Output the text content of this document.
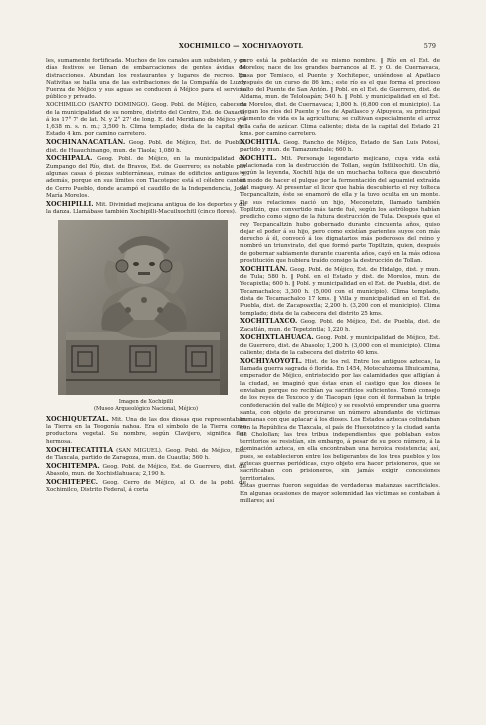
XOCHIMILCO — XOCHIYAOYOTL	579

les, sumamente fortificada. Muchos de los canales aun subsisten, y en días festivos se llenan de embarcaciones de gentes ávidas de distracciones. Abundan los restaurantes y lugares de recreo. En Nativitas se halla una de las estribaciones de la Compañía de Luz y Fuerza de Méjico y sus aguas se conducen á Méjico para el servicio público y privado.

XOCHIMILCO (SANTO DOMINGO). Geog. Pobl. de Méjico, cabecera de la municipalidad de su nombre, distrito del Centro, Est. de Oaxaca, á los 17° 7' de lat. N. y 2° 27' de long. E. del Meridiano de Méjico y á 1,638 m. s. n. m.; 3,500 h. Clima templado; dista de la capital del Estado 4 km. por camino carretero.

XOCHINANACATLÁN. Geog. Pobl. de Méjico, Est. de Puebla, dist. de Huauchinango, mun. de Tlaola; 1,080 h.

XOCHIPALA. Geog. Pobl. de Méjico, en la municipalidad de Zumpango del Río, dist. de Bravos, Est. de Guerrero; es notable por algunas casas ó piezas subterráneas, ruinas de edificios antiguos y, además, porque en sus límites con Tlacotepec está el célebre cantón de Cerro Pueblo, donde acampó el caudillo de la Independencia, José María Morelos.

XOCHIPILLI. Mit. Divinidad mejicana antigua de los deportes y de la danza. Llamábase también Xochipilli-Macuilxochitl (cinco flores).

Imagen de Xochipilli
(Museo Arqueológico Nacional, Méjico)

XOCHIQUETZAL. Mit. Una de las dos diosas que representaban la Tierra en la Teogonía nahoa. Era el símbolo de la Tierra como productora vegetal. Su nombre, según Clavijero, significa flor hermosa.

XOCHITECATITLA (SAN MIGUEL). Geog. Pobl. de Méjico, Est. de Tlaxcala, partido de Zaragoza, mun. de Cuautla; 560 h.

XOCHITEMPA. Geog. Pobl. de Méjico, Est. de Guerrero, dist. de Abasolo, mun. de Xochistlahuaca; 2,190 h.

XOCHITEPEC. Geog. Cerro de Méjico, al O. de la pobl. de Xochimilco, Distrito Federal, á corta

pero está la población de su mismo nombre. ‖ Río en el Est. de Morelos; nace de los grandes barrancos al E. y O. de Cuernavaca, pasa por Temisco, el Puente y Xochitepec, uniéndose al Apatlaco después de un curso de 86 km.; este río es el que forma el precioso salto del Puente de San Antón. ‖ Pobl. en el Est. de Guerrero, dist. de Aldama, mun. de Teloloapán; 540 h. ‖ Pobl. y municipalidad en el Est. de Morelos, dist. de Cuernavaca; 1,800 h. (6,800 con el municipio). La riegan los ríos del Puente y los de Apatlasco y Alpuyeca, su principal elemento de vida es la agricultura; se cultivan especialmente el arroz y la caña de azúcar. Clima caliente; dista de la capital del Estado 21 kms. por camino carretero.

XOCHITIÁ. Geog. Rancho de Méjico, Estado de San Luis Potosí, partido y mun. de Tamazunchale; 660 h.

XOCHITL. Mit. Personaje legendario mejicano, cuya vida está relacionada con la destrucción de Tollan, según Ixtlilxochitl. Un día, según la leyenda, Xochitl hija de un muchacha tolteca que descubrió el modo de hacer el pulque por la fermentación del aguamiel extraída del maguey. Al presentar el licor que había descubierto el rey tolteca Tecpancaltzin, éste se enamoró de ella y la tuvo oculta en un monte. De sus relaciones nació un hijo, Meconetzin, llamado también Topiltzin, que convertido más tarde fué, según los astrólogos habían predicho como signo de la futura destrucción de Tula. Después que el rey Tecpancaltzin hubo gobernado durante cincuenta años, quiso dejar el poder á su hijo, pero como existían parientes suyos con más derecho á él, convocó á los dignatarios más poderosos del reino y nombró un triunvirato, del que formó parte Topiltzin, quien, después de gobernar sabiamente durante cuarenta años, cayó en la más odiosa prostitución que hubiera traído consigo la destrucción de Tollan.

XOCHITLÁN. Geog. Pobl. de Méjico, Est. de Hidalgo, dist. y mun. de Tula; 580 h. ‖ Pobl. en el Estado y dist. de Morelos, mun. de Yecapixtla; 600 h. ‖ Pobl. y municipalidad en el Est. de Puebla, dist. de Tecamachalco; 3,300 h. (5,000 con el municipio). Clima templado, dista de Tecamachalco 17 kms. ‖ Villa y municipalidad en el Est. de Puebla, dist. de Zacapoaxtla; 2,200 h. (3,200 con el municipio). Clima templado; dista de la cabecera del distrito 25 kms.

XOCHITLAXCO. Geog. Pobl. de Méjico, Est. de Puebla, dist. de Zacatlán, mun. de Tepetzintla; 1,220 h.

XOCHIXTLAHUACA. Geog. Pobl. y municipalidad de Méjico, Est. de Guerrero, dist. de Abasolo; 1,200 h. (3,000 con el municipio). Clima caliente; dista de la cabecera del distrito 40 kms.

XOCHIYAOYOTL. Hist. de los rel. Entre los antiguos aztecas, la llamada guerra sagrada ó florida. En 1454, Motecuhzoma Ilhuicamina, emperador de Méjico, entristecido por las calamidades que afligían á la ciudad, se imaginó que éstas eran el castigo que los dioses le enviaban porque no recibían ya sacrificios suficientes. Tomó consejo de los reyes de Texcoco y de Tlacopan (que con él formaban la triple confederación del valle de Méjico) y se resolvió emprender una guerra santa, con objeto de procurarse un número abundante de víctimas humanas con que aplacar á los dioses. Los Estados aztecas colindaban con la República de Tlaxcala, el país de Huexotzinco y la ciudad santa de Cholollan; las tres tribus independientes que poblaban estos territorios se resistían, sin embargo, á pesar de su poco número, á la dominación azteca, en ella encontraban una heroica resistencia; así, pues, se establecieron entre los beligerantes de los tres pueblos y los aztecas guerras periódicas, cuyo objeto era hacer prisioneros, que se sacrificaban con prisioneros, sin jamás exigir concesiones territoriales.

Estas guerras fueron seguidas de verdaderas matanzas sacrificiales. En algunas ocasiones de mayor solemnidad las víctimas se contaban á millares; así
